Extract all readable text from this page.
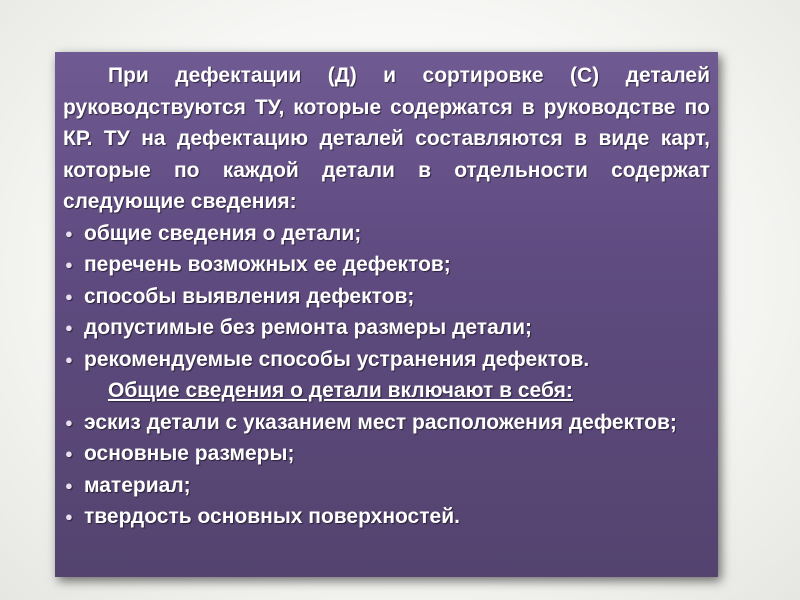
При дефектации (Д) и сортировке (С) деталей руководствуются ТУ, которые содержатся в руководстве по КР. ТУ на дефектацию деталей составляются в виде карт, которые по каждой детали в отдельности содержат следующие сведения:

● общие сведения о детали;
● перечень возможных ее дефектов;
● способы выявления дефектов;
● допустимые без ремонта размеры детали;
● рекомендуемые способы устранения дефектов.

Общие сведения о детали включают в себя:

● эскиз детали с указанием мест расположения дефектов;
● основные размеры;
● материал;
● твердость основных поверхностей.
